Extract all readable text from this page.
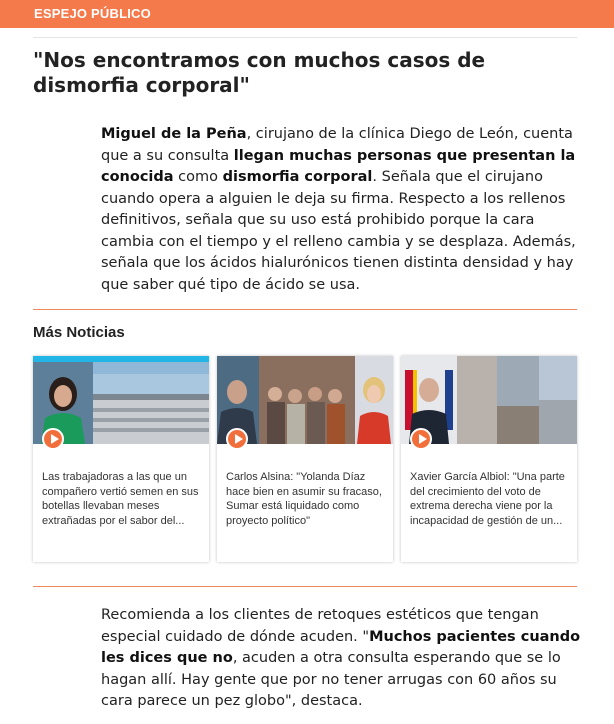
ESPEJO PÚBLICO
"Nos encontramos con muchos casos de dismorfia corporal"
Miguel de la Peña, cirujano de la clínica Diego de León, cuenta que a su consulta llegan muchas personas que presentan la conocida como dismorfia corporal. Señala que el cirujano cuando opera a alguien le deja su firma. Respecto a los rellenos definitivos, señala que su uso está prohibido porque la cara cambia con el tiempo y el relleno cambia y se desplaza. Además, señala que los ácidos hialurónicos tienen distinta densidad y hay que saber qué tipo de ácido se usa.
Más Noticias
Las trabajadoras a las que un compañero vertió semen en sus botellas llevaban meses extrañadas por el sabor del...
Carlos Alsina: "Yolanda Díaz hace bien en asumir su fracaso, Sumar está liquidado como proyecto político"
Xavier García Albiol: "Una parte del crecimiento del voto de extrema derecha viene por la incapacidad de gestión de un...
Recomienda a los clientes de retoques estéticos que tengan especial cuidado de dónde acuden. "Muchos pacientes cuando les dices que no, acuden a otra consulta esperando que se lo hagan allí. Hay gente que por no tener arrugas con 60 años su cara parece un pez globo", destaca.
